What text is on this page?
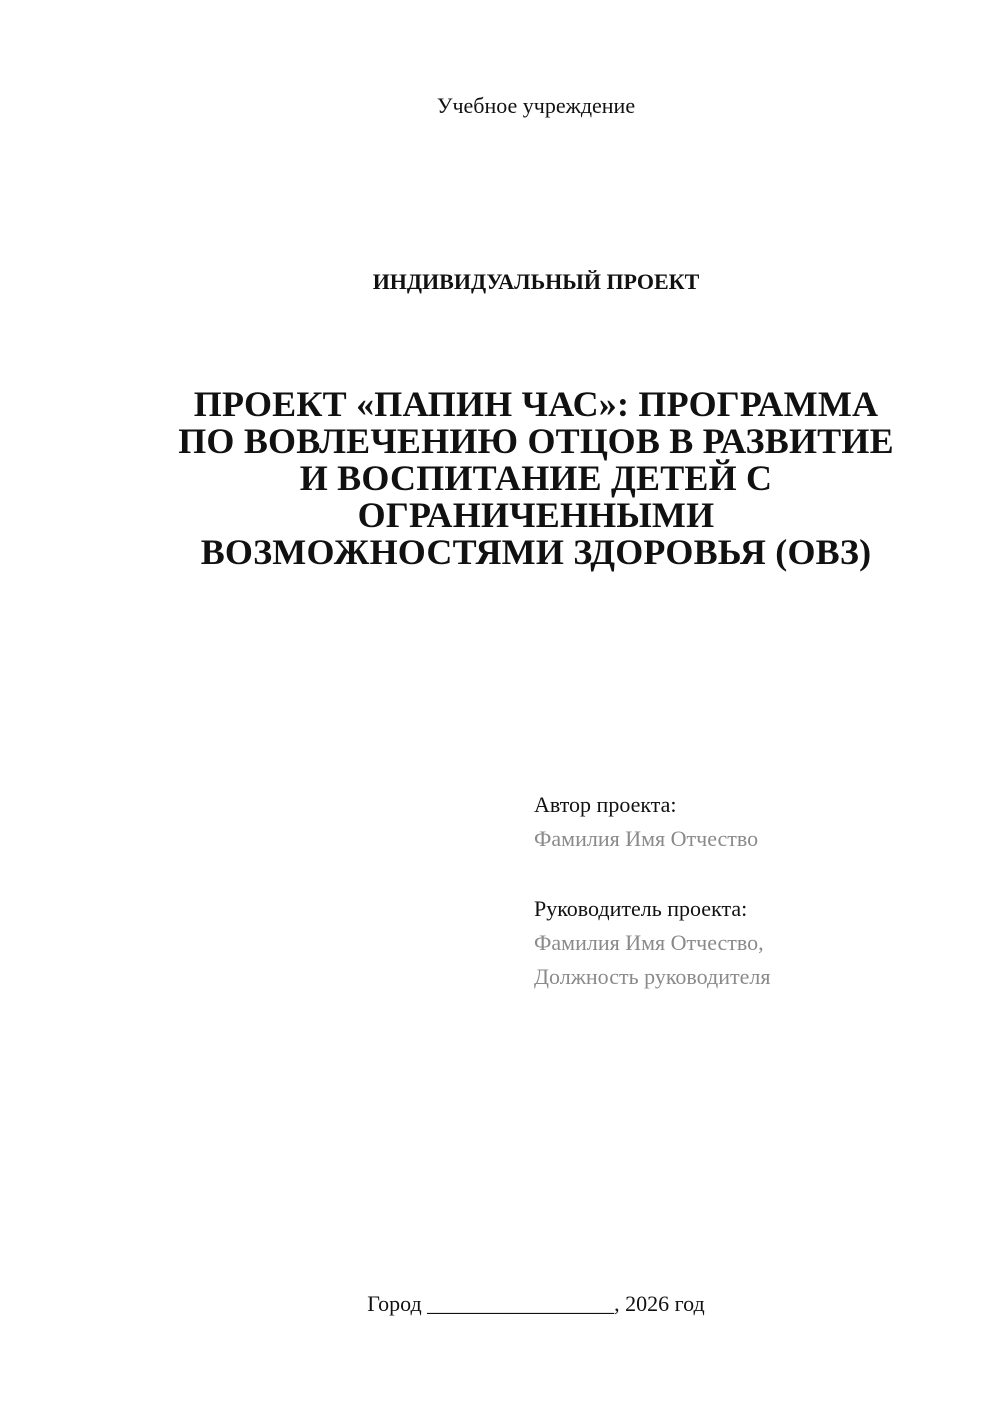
Учебное учреждение
ИНДИВИДУАЛЬНЫЙ ПРОЕКТ
ПРОЕКТ «ПАПИН ЧАС»: ПРОГРАММА
ПО ВОВЛЕЧЕНИЮ ОТЦОВ В РАЗВИТИЕ
И ВОСПИТАНИЕ ДЕТЕЙ С
ОГРАНИЧЕННЫМИ
ВОЗМОЖНОСТЯМИ ЗДОРОВЬЯ (ОВЗ)
Автор проекта:
Фамилия Имя Отчество
Руководитель проекта:
Фамилия Имя Отчество,
Должность руководителя
Город _________________, 2026 год
